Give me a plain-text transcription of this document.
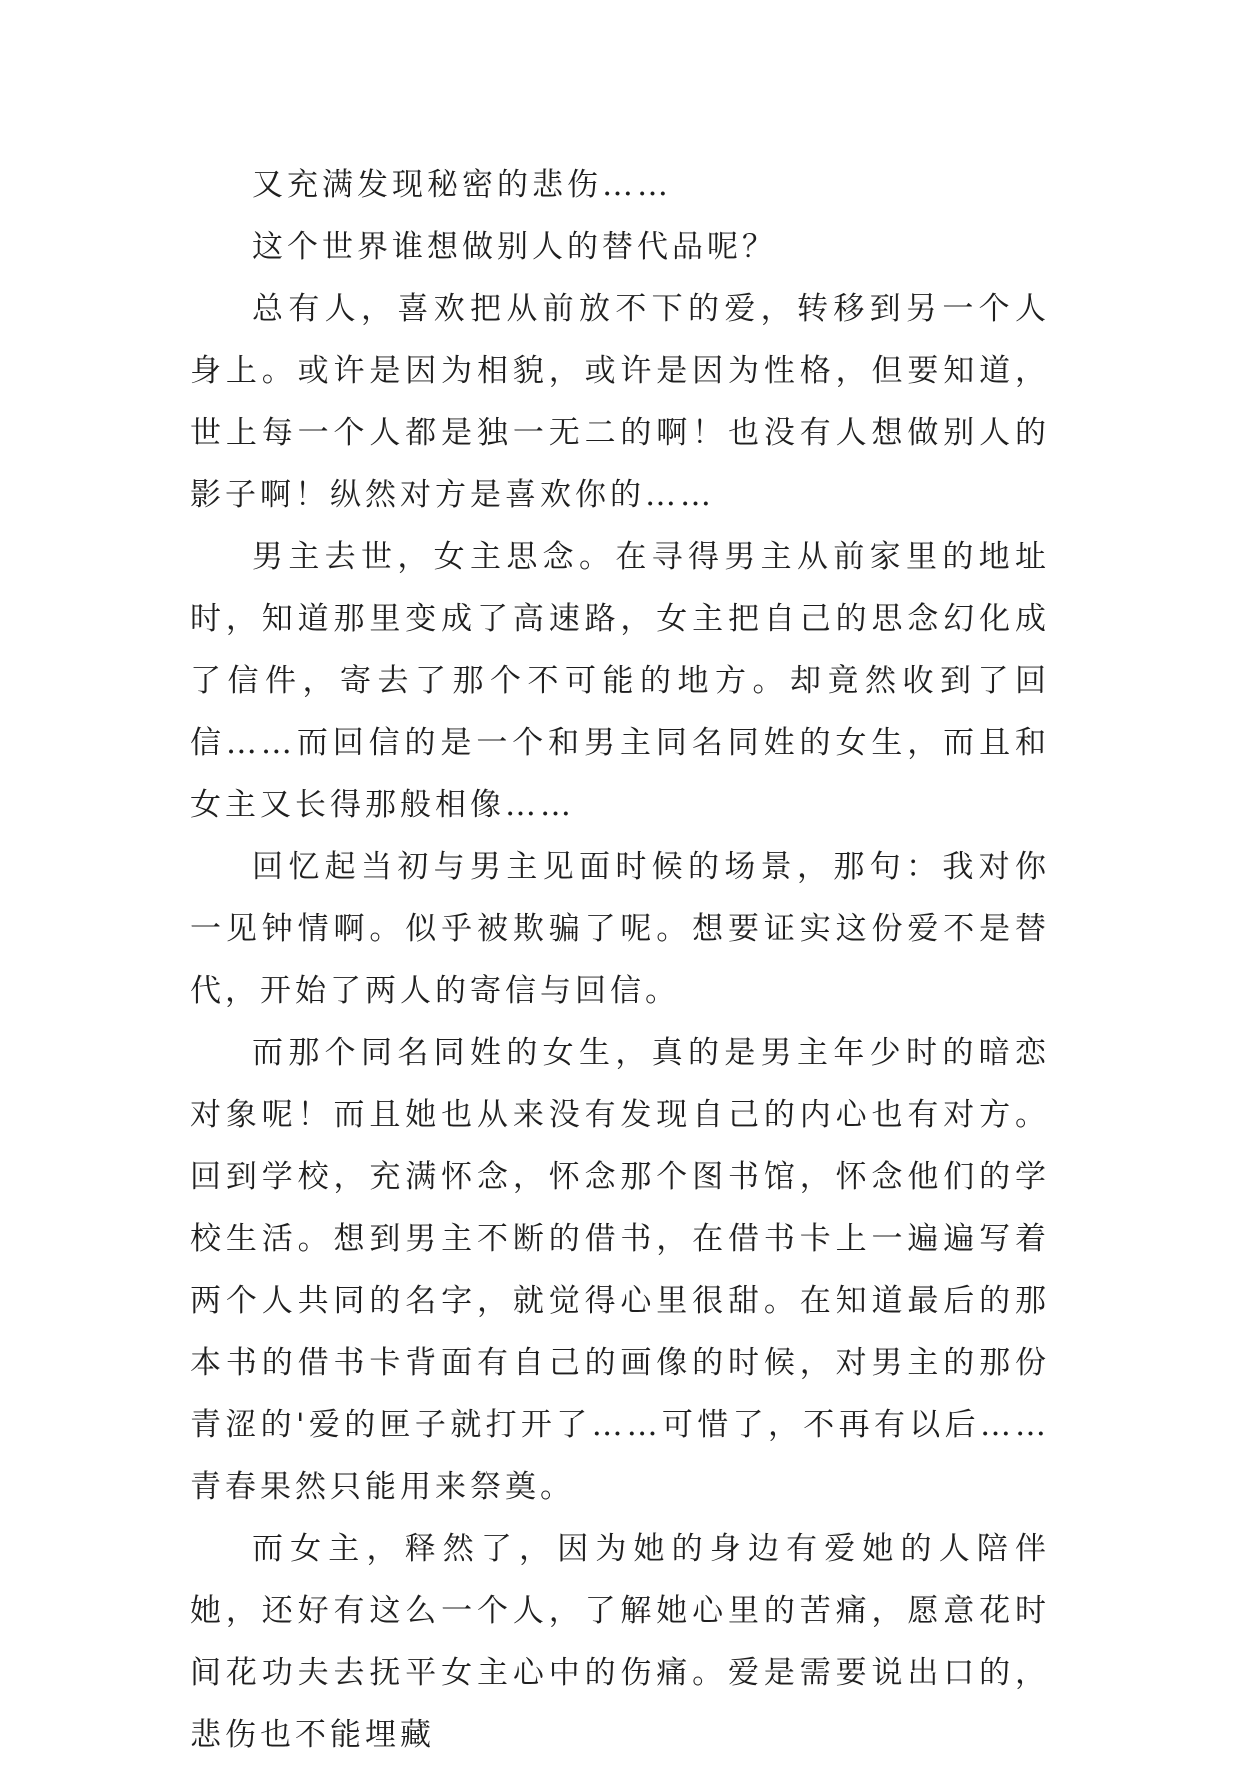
又充满发现秘密的悲伤……

这个世界谁想做别人的替代品呢？

总有人，喜欢把从前放不下的爱，转移到另一个人身上。或许是因为相貌，或许是因为性格，但要知道，世上每一个人都是独一无二的啊！也没有人想做别人的影子啊！纵然对方是喜欢你的……

男主去世，女主思念。在寻得男主从前家里的地址时，知道那里变成了高速路，女主把自己的思念幻化成了信件，寄去了那个不可能的地方。却竟然收到了回信……而回信的是一个和男主同名同姓的女生，而且和女主又长得那般相像……

回忆起当初与男主见面时候的场景，那句：我对你一见钟情啊。似乎被欺骗了呢。想要证实这份爱不是替代，开始了两人的寄信与回信。

而那个同名同姓的女生，真的是男主年少时的暗恋对象呢！而且她也从来没有发现自己的内心也有对方。回到学校，充满怀念，怀念那个图书馆，怀念他们的学校生活。想到男主不断的借书，在借书卡上一遍遍写着两个人共同的名字，就觉得心里很甜。在知道最后的那本书的借书卡背面有自己的画像的时候，对男主的那份青涩的'爱的匣子就打开了……可惜了，不再有以后……青春果然只能用来祭奠。

而女主，释然了，因为她的身边有爱她的人陪伴她，还好有这么一个人，了解她心里的苦痛，愿意花时间花功夫去抚平女主心中的伤痛。爱是需要说出口的，悲伤也不能埋藏
